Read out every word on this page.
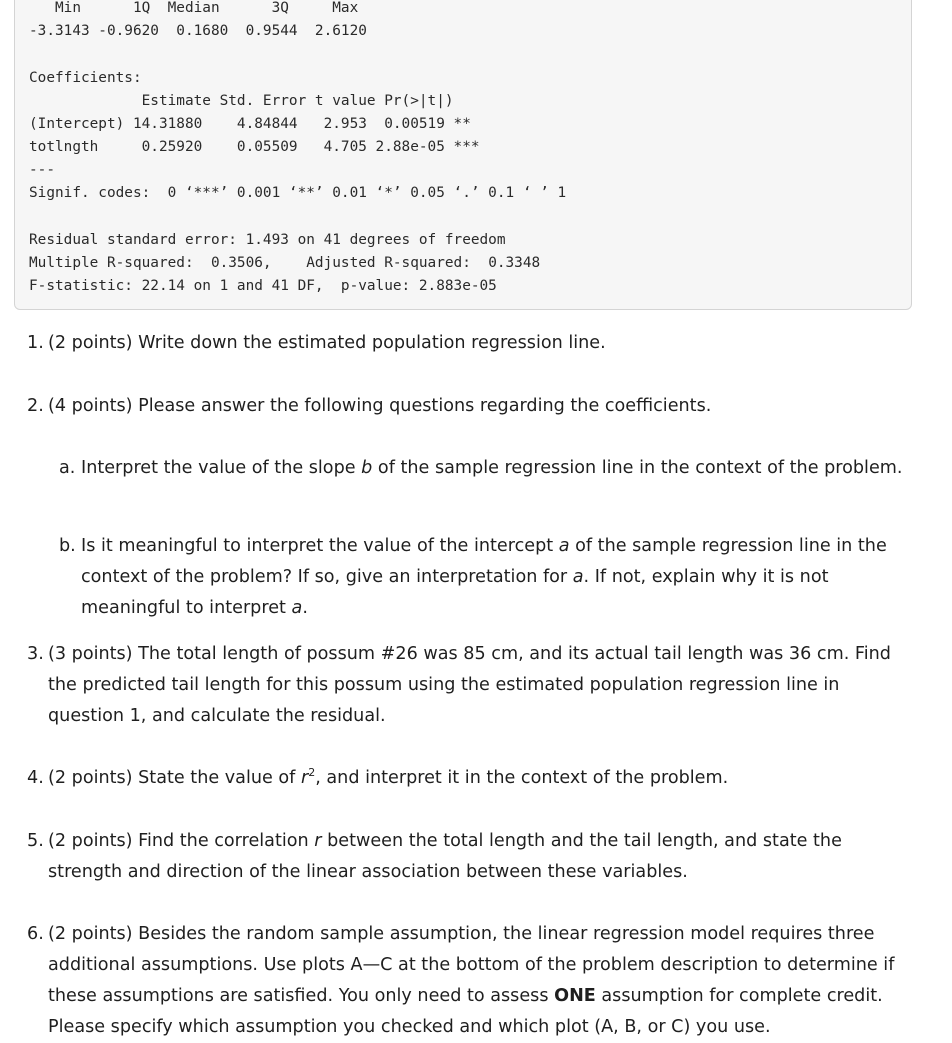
Min      1Q  Median      3Q     Max
-3.3143 -0.9620  0.1680  0.9544  2.6120
Coefficients:
Estimate Std. Error t value Pr(>|t|)
(Intercept) 14.31880    4.84844   2.953  0.00519 **
totlngth     0.25920    0.05509   4.705 2.88e-05 ***
---
Signif. codes:  0 ‘***’ 0.001 ‘**’ 0.01 ‘*’ 0.05 ‘.’ 0.1 ‘ ’ 1
Residual standard error: 1.493 on 41 degrees of freedom
Multiple R-squared:  0.3506,	Adjusted R-squared:  0.3348
F-statistic: 22.14 on 1 and 41 DF,  p-value: 2.883e-05
1. (2 points) Write down the estimated population regression line.
2. (4 points) Please answer the following questions regarding the coefficients.
a. Interpret the value of the slope b of the sample regression line in the context of the problem.
b. Is it meaningful to interpret the value of the intercept a of the sample regression line in the context of the problem? If so, give an interpretation for a. If not, explain why it is not meaningful to interpret a.
3. (3 points) The total length of possum #26 was 85 cm, and its actual tail length was 36 cm. Find the predicted tail length for this possum using the estimated population regression line in question 1, and calculate the residual.
4. (2 points) State the value of $r^2$, and interpret it in the context of the problem.
5. (2 points) Find the correlation r between the total length and the tail length, and state the strength and direction of the linear association between these variables.
6. (2 points) Besides the random sample assumption, the linear regression model requires three additional assumptions. Use plots A—C at the bottom of the problem description to determine if these assumptions are satisfied. You only need to assess ONE assumption for complete credit. Please specify which assumption you checked and which plot (A, B, or C) you use.
